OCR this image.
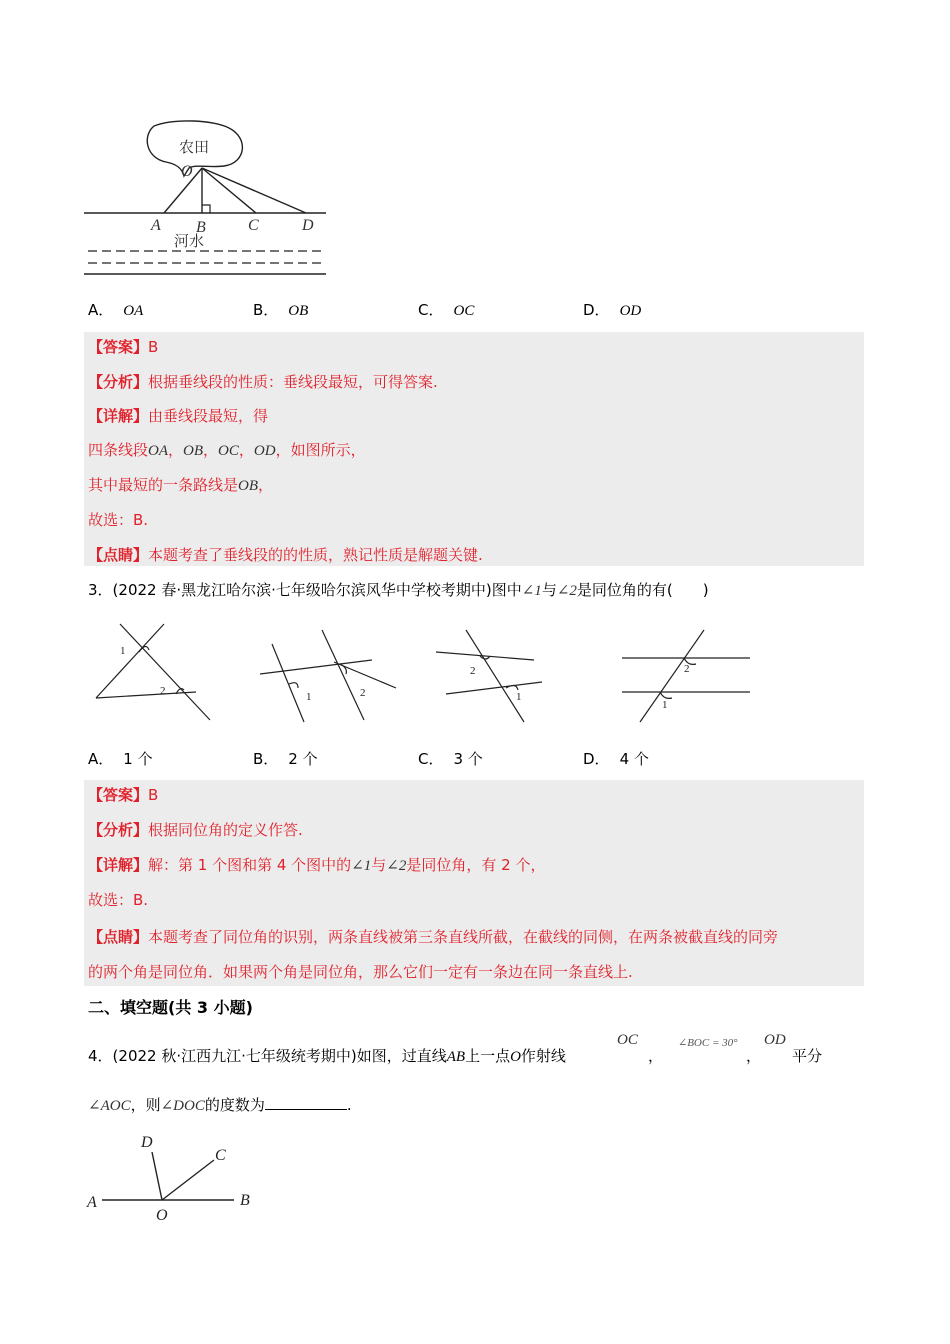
农田
O
A B	C	D
河水
A． OA	B． OB	C． OC	D． OD
【答案】B
【分析】根据垂线段的性质：垂线段最短，可得答案.
【详解】由垂线段最短，得
四条线段OA，OB，OC，OD，如图所示，
其中最短的一条路线是OB，
故选：B.
【点睛】本题考查了垂线段的的性质，熟记性质是解题关键.
3．(2022 春·黑龙江哈尔滨·七年级哈尔滨风华中学校考期中)图中∠1与∠2是同位角的有(　　)
1
2	1	2
2
1
2
1
A． 1 个	B． 2 个	C． 3 个	D． 4 个
【答案】B
【分析】根据同位角的定义作答.
【详解】解：第 1 个图和第 4 个图中的∠1与∠2是同位角，有 2 个，
故选：B.
【点睛】本题考查了同位角的识别，两条直线被第三条直线所截，在截线的同侧，在两条被截直线的同旁
的两个角是同位角．如果两个角是同位角，那么它们一定有一条边在同一条直线上.
二、填空题(共 3 小题)
4．(2022 秋·江西九江·七年级统考期中)如图，过直线AB上一点O作射线
OC
，
∠BOC = 30°
，
OD
平分
∠AOC，则∠DOC的度数为	.
A	B
C
D
O
